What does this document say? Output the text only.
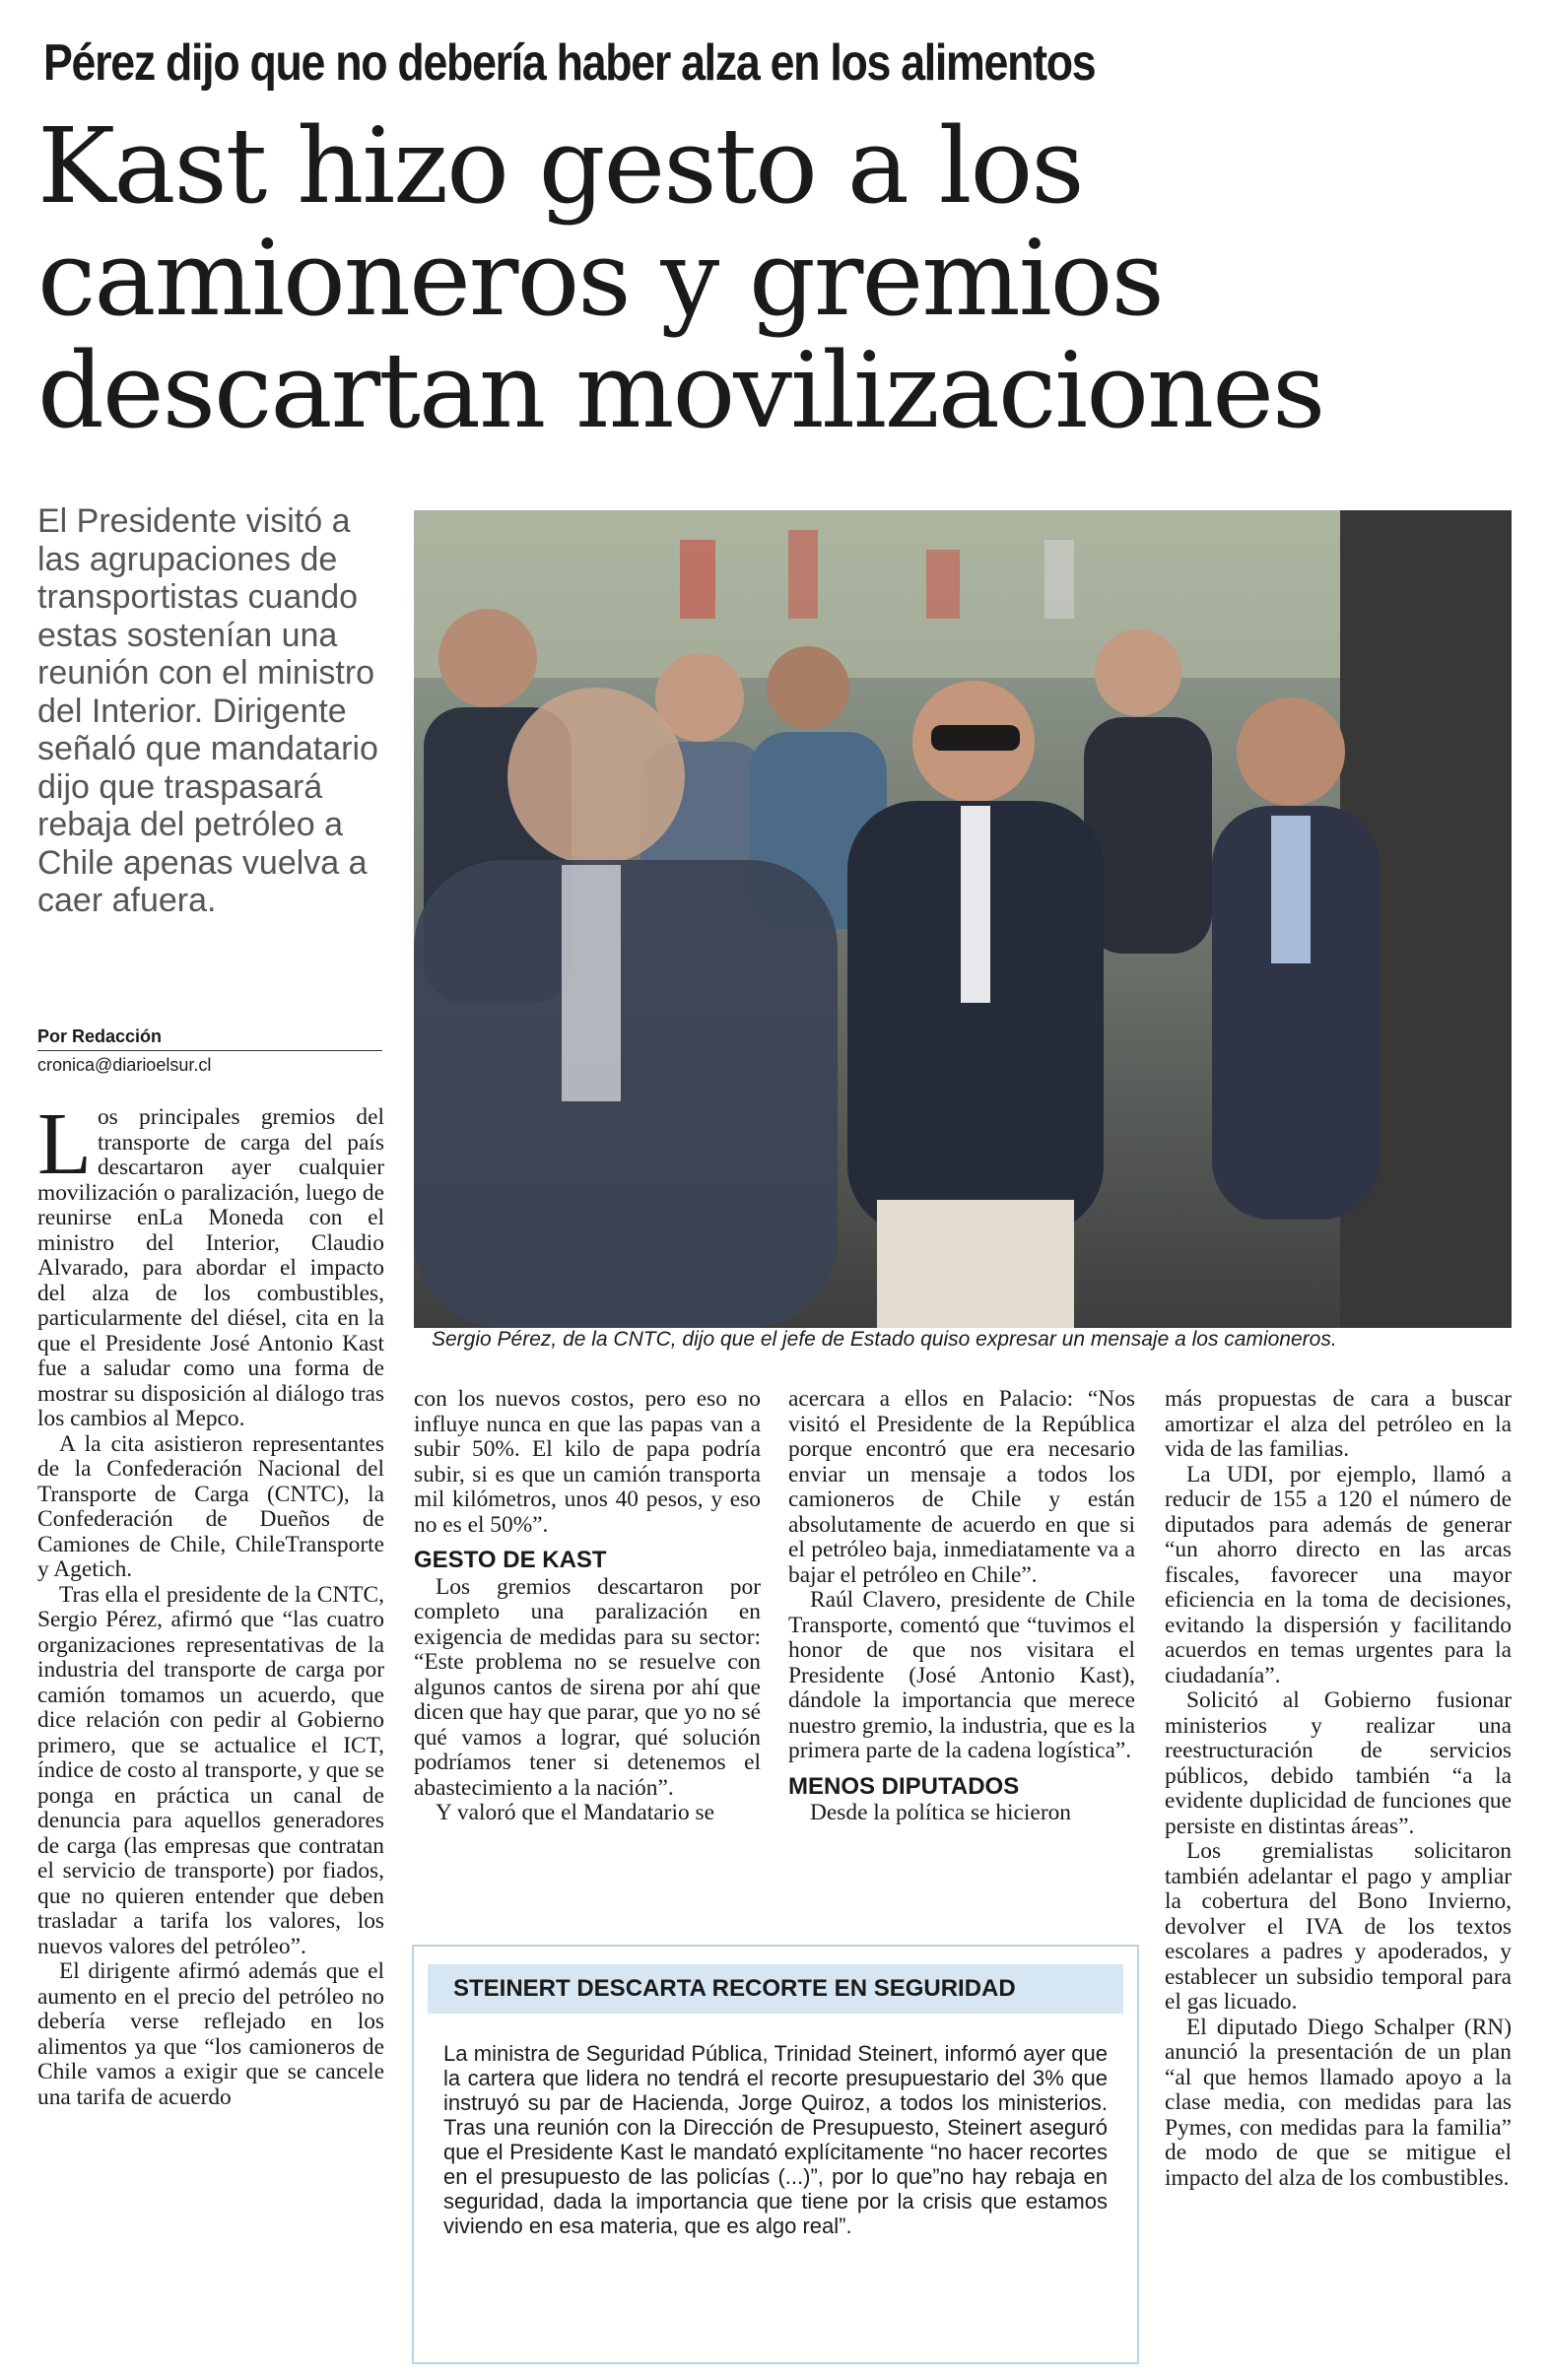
Pérez dijo que no debería haber alza en los alimentos
Kast hizo gesto a los
camioneros y gremios
descartan movilizaciones
El Presidente visitó a las agrupaciones de transportistas cuando estas sostenían una reunión con el ministro del Interior. Dirigente señaló que mandatario dijo que traspasará rebaja del petróleo a Chile apenas vuelva a caer afuera.
Por Redacción
cronica@diarioelsur.cl
Sergio Pérez, de la CNTC, dijo que el jefe de Estado quiso expresar un mensaje a los camioneros.

Los principales gremios del transporte de carga del país descartaron ayer cualquier movilización o paralización, luego de reunirse enLa Moneda con el ministro del Interior, Claudio Alvarado, para abordar el impacto del alza de los combustibles, particularmente del diésel, cita en la que el Presidente José Antonio Kast fue a saludar como una forma de mostrar su disposición al diálogo tras los cambios al Mepco.

A la cita asistieron representantes de la Confederación Nacional del Transporte de Carga (CNTC), la Confederación de Dueños de Camiones de Chile, ChileTransporte y Agetich.

Tras ella el presidente de la CNTC, Sergio Pérez, afirmó que “las cuatro organizaciones representativas de la industria del transporte de carga por camión tomamos un acuerdo, que dice relación con pedir al Gobierno primero, que se actualice el ICT, índice de costo al transporte, y que se ponga en práctica un canal de denuncia para aquellos generadores de carga (las empresas que contratan el servicio de transporte) por fiados, que no quieren entender que deben trasladar a tarifa los valores, los nuevos valores del petróleo”.

El dirigente afirmó además que el aumento en el precio del petróleo no debería verse reflejado en los alimentos ya que “los camioneros de Chile vamos a exigir que se cancele una tarifa de acuerdo

con los nuevos costos, pero eso no influye nunca en que las papas van a subir 50%. El kilo de papa podría subir, si es que un camión transporta mil kilómetros, unos 40 pesos, y eso no es el 50%”.

GESTO DE KAST

Los gremios descartaron por completo una paralización en exigencia de medidas para su sector: “Este problema no se resuelve con algunos cantos de sirena por ahí que dicen que hay que parar, que yo no sé qué vamos a lograr, qué solución podríamos tener si detenemos el abastecimiento a la nación”.

Y valoró que el Mandatario se

acercara a ellos en Palacio: “Nos visitó el Presidente de la República porque encontró que era necesario enviar un mensaje a todos los camioneros de Chile y están absolutamente de acuerdo en que si el petróleo baja, inmediatamente va a bajar el petróleo en Chile”.

Raúl Clavero, presidente de Chile Transporte, comentó que “tuvimos el honor de que nos visitara el Presidente (José Antonio Kast), dándole la importancia que merece nuestro gremio, la industria, que es la primera parte de la cadena logística”.

MENOS DIPUTADOS

Desde la política se hicieron

más propuestas de cara a buscar amortizar el alza del petróleo en la vida de las familias.

La UDI, por ejemplo, llamó a reducir de 155 a 120 el número de diputados para además de generar “un ahorro directo en las arcas fiscales, favorecer una mayor eficiencia en la toma de decisiones, evitando la dispersión y facilitando acuerdos en temas urgentes para la ciudadanía”.

Solicitó al Gobierno fusionar ministerios y realizar una reestructuración de servicios públicos, debido también “a la evidente duplicidad de funciones que persiste en distintas áreas”.

Los gremialistas solicitaron también adelantar el pago y ampliar la cobertura del Bono Invierno, devolver el IVA de los textos escolares a padres y apoderados, y establecer un subsidio temporal para el gas licuado.

El diputado Diego Schalper (RN) anunció la presentación de un plan “al que hemos llamado apoyo a la clase media, con medidas para las Pymes, con medidas para la familia” de modo de que se mitigue el impacto del alza de los combustibles.

STEINERT DESCARTA RECORTE EN SEGURIDAD
La ministra de Seguridad Pública, Trinidad Steinert, informó ayer que la cartera que lidera no tendrá el recorte presupuestario del 3% que instruyó su par de Hacienda, Jorge Quiroz, a todos los ministerios. Tras una reunión con la Dirección de Presupuesto, Steinert aseguró que el Presidente Kast le mandató explícitamente “no hacer recortes en el presupuesto de las policías (...)”, por lo que”no hay rebaja en seguridad, dada la importancia que tiene por la crisis que estamos viviendo en esa materia, que es algo real”.
